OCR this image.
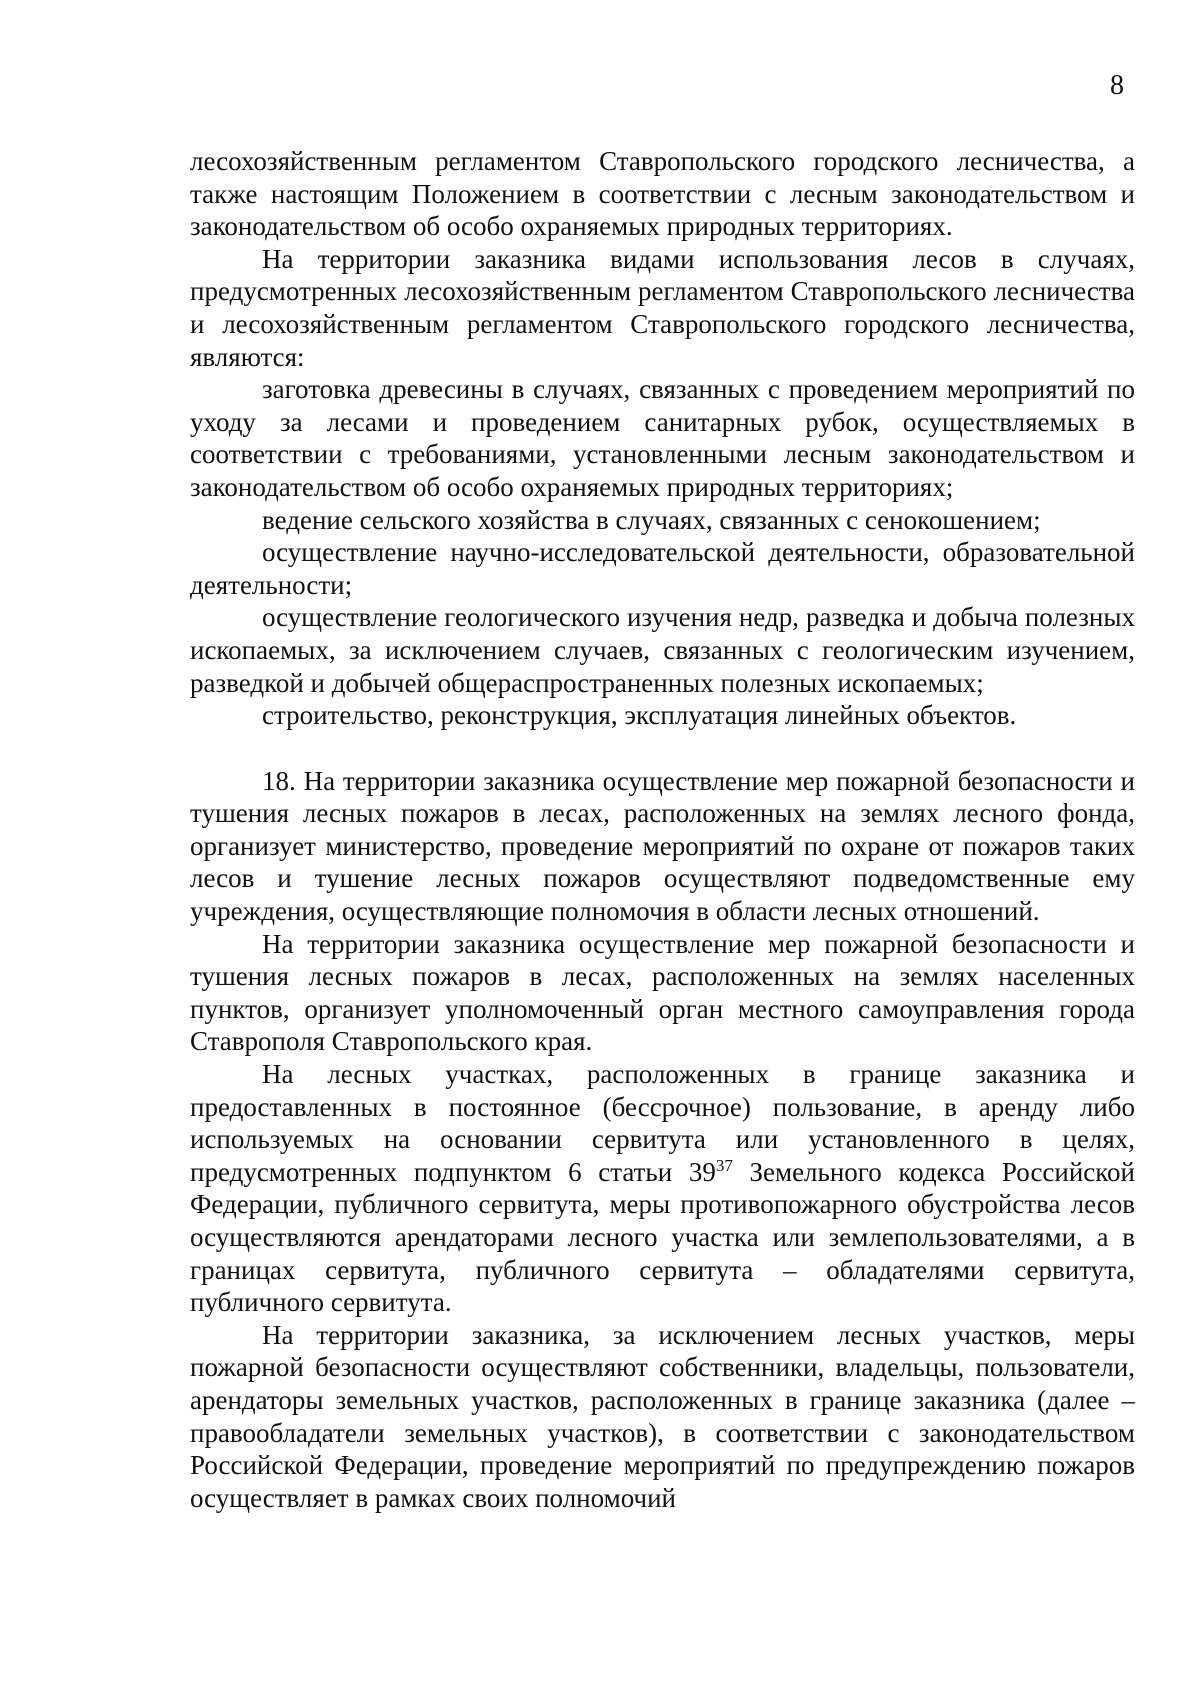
8

лесохозяйственным регламентом Ставропольского городского лесничества, а также настоящим Положением в соответствии с лесным законодательством и законодательством об особо охраняемых природных территориях.

На территории заказника видами использования лесов в случаях, предусмотренных лесохозяйственным регламентом Ставропольского лесничества и лесохозяйственным регламентом Ставропольского городского лесничества, являются:

заготовка древесины в случаях, связанных с проведением мероприятий по уходу за лесами и проведением санитарных рубок, осуществляемых в соответствии с требованиями, установленными лесным законодательством и законодательством об особо охраняемых природных территориях;

ведение сельского хозяйства в случаях, связанных с сенокошением;

осуществление научно-исследовательской деятельности, образовательной деятельности;

осуществление геологического изучения недр, разведка и добыча полезных ископаемых, за исключением случаев, связанных с геологическим изучением, разведкой и добычей общераспространенных полезных ископаемых;

строительство, реконструкция, эксплуатация линейных объектов.

18. На территории заказника осуществление мер пожарной безопасности и тушения лесных пожаров в лесах, расположенных на землях лесного фонда, организует министерство, проведение мероприятий по охране от пожаров таких лесов и тушение лесных пожаров осуществляют подведомственные ему учреждения, осуществляющие полномочия в области лесных отношений.

На территории заказника осуществление мер пожарной безопасности и тушения лесных пожаров в лесах, расположенных на землях населенных пунктов, организует уполномоченный орган местного самоуправления города Ставрополя Ставропольского края.

На лесных участках, расположенных в границе заказника и предоставленных в постоянное (бессрочное) пользование, в аренду либо используемых на основании сервитута или установленного в целях, предусмотренных подпунктом 6 статьи $39^{37}$ Земельного кодекса Российской Федерации, публичного сервитута, меры противопожарного обустройства лесов осуществляются арендаторами лесного участка или землепользователями, а в границах сервитута, публичного сервитута – обладателями сервитута, публичного сервитута.

На территории заказника, за исключением лесных участков, меры пожарной безопасности осуществляют собственники, владельцы, пользователи, арендаторы земельных участков, расположенных в границе заказника (далее – правообладатели земельных участков), в соответствии с законодательством Российской Федерации, проведение мероприятий по предупреждению пожаров осуществляет в рамках своих полномочий
